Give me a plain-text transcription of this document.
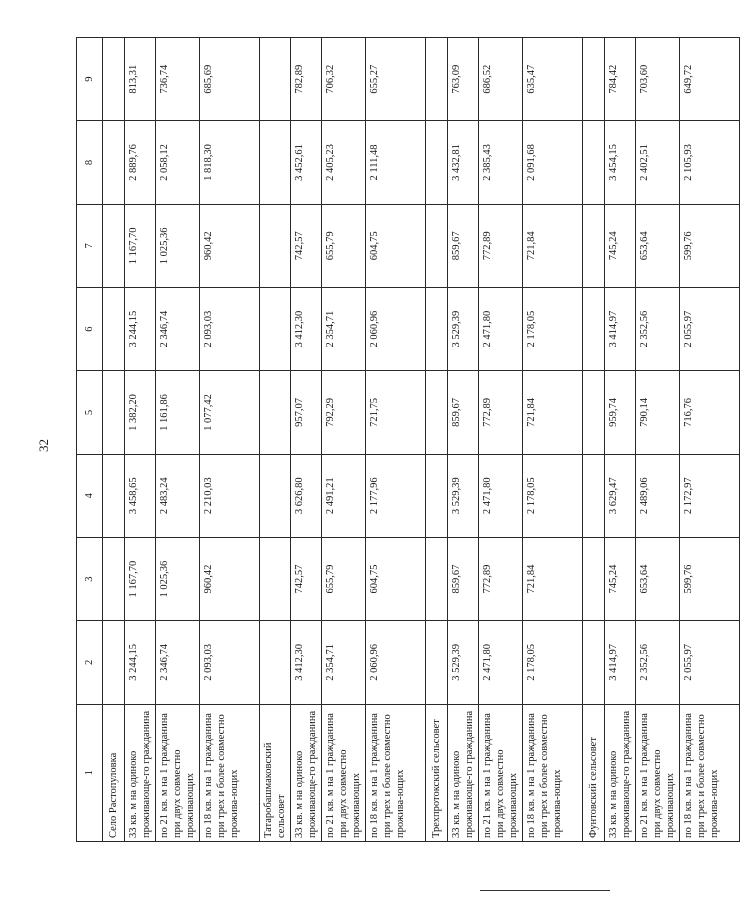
32
1	2	3	4	5	6	7	8	9
Село Растопуловка								
33 кв. м на одиноко проживающе-го гражданина	3 244,15	1 167,70	3 458,65	1 382,20	3 244,15	1 167,70	2 889,76	813,31
по 21 кв. м на 1 гражданина при двух совместно проживающих	2 346,74	1 025,36	2 483,24	1 161,86	2 346,74	1 025,36	2 058,12	736,74
по 18 кв. м на 1 гражданина при трех и более совместно прожива-ющих	2 093,03	960,42	2 210,03	1 077,42	2 093,03	960,42	1 818,30	685,69
Татаробашмаковский сельсовет								
33 кв. м на одиноко проживающе-го гражданина	3 412,30	742,57	3 626,80	957,07	3 412,30	742,57	3 452,61	782,89
по 21 кв. м на 1 гражданина при двух совместно проживающих	2 354,71	655,79	2 491,21	792,29	2 354,71	655,79	2 405,23	706,32
по 18 кв. м на 1 гражданина при трех и более совместно прожива-ющих	2 060,96	604,75	2 177,96	721,75	2 060,96	604,75	2 111,48	655,27
Трехпротокский сельсовет								
33 кв. м на одиноко проживающе-го гражданина	3 529,39	859,67	3 529,39	859,67	3 529,39	859,67	3 432,81	763,09
по 21 кв. м на 1 гражданина при двух совместно проживающих	2 471,80	772,89	2 471,80	772,89	2 471,80	772,89	2 385,43	686,52
по 18 кв. м на 1 гражданина при трех и более совместно прожива-ющих	2 178,05	721,84	2 178,05	721,84	2 178,05	721,84	2 091,68	635,47
Фунтовский сельсовет								
33 кв. м на одиноко проживающе-го гражданина	3 414,97	745,24	3 629,47	959,74	3 414,97	745,24	3 454,15	784,42
по 21 кв. м на 1 гражданина при двух совместно проживающих	2 352,56	653,64	2 489,06	790,14	2 352,56	653,64	2 402,51	703,60
по 18 кв. м на 1 гражданина при трех и более совместно прожива-ющих	2 055,97	599,76	2 172,97	716,76	2 055,97	599,76	2 105,93	649,72
